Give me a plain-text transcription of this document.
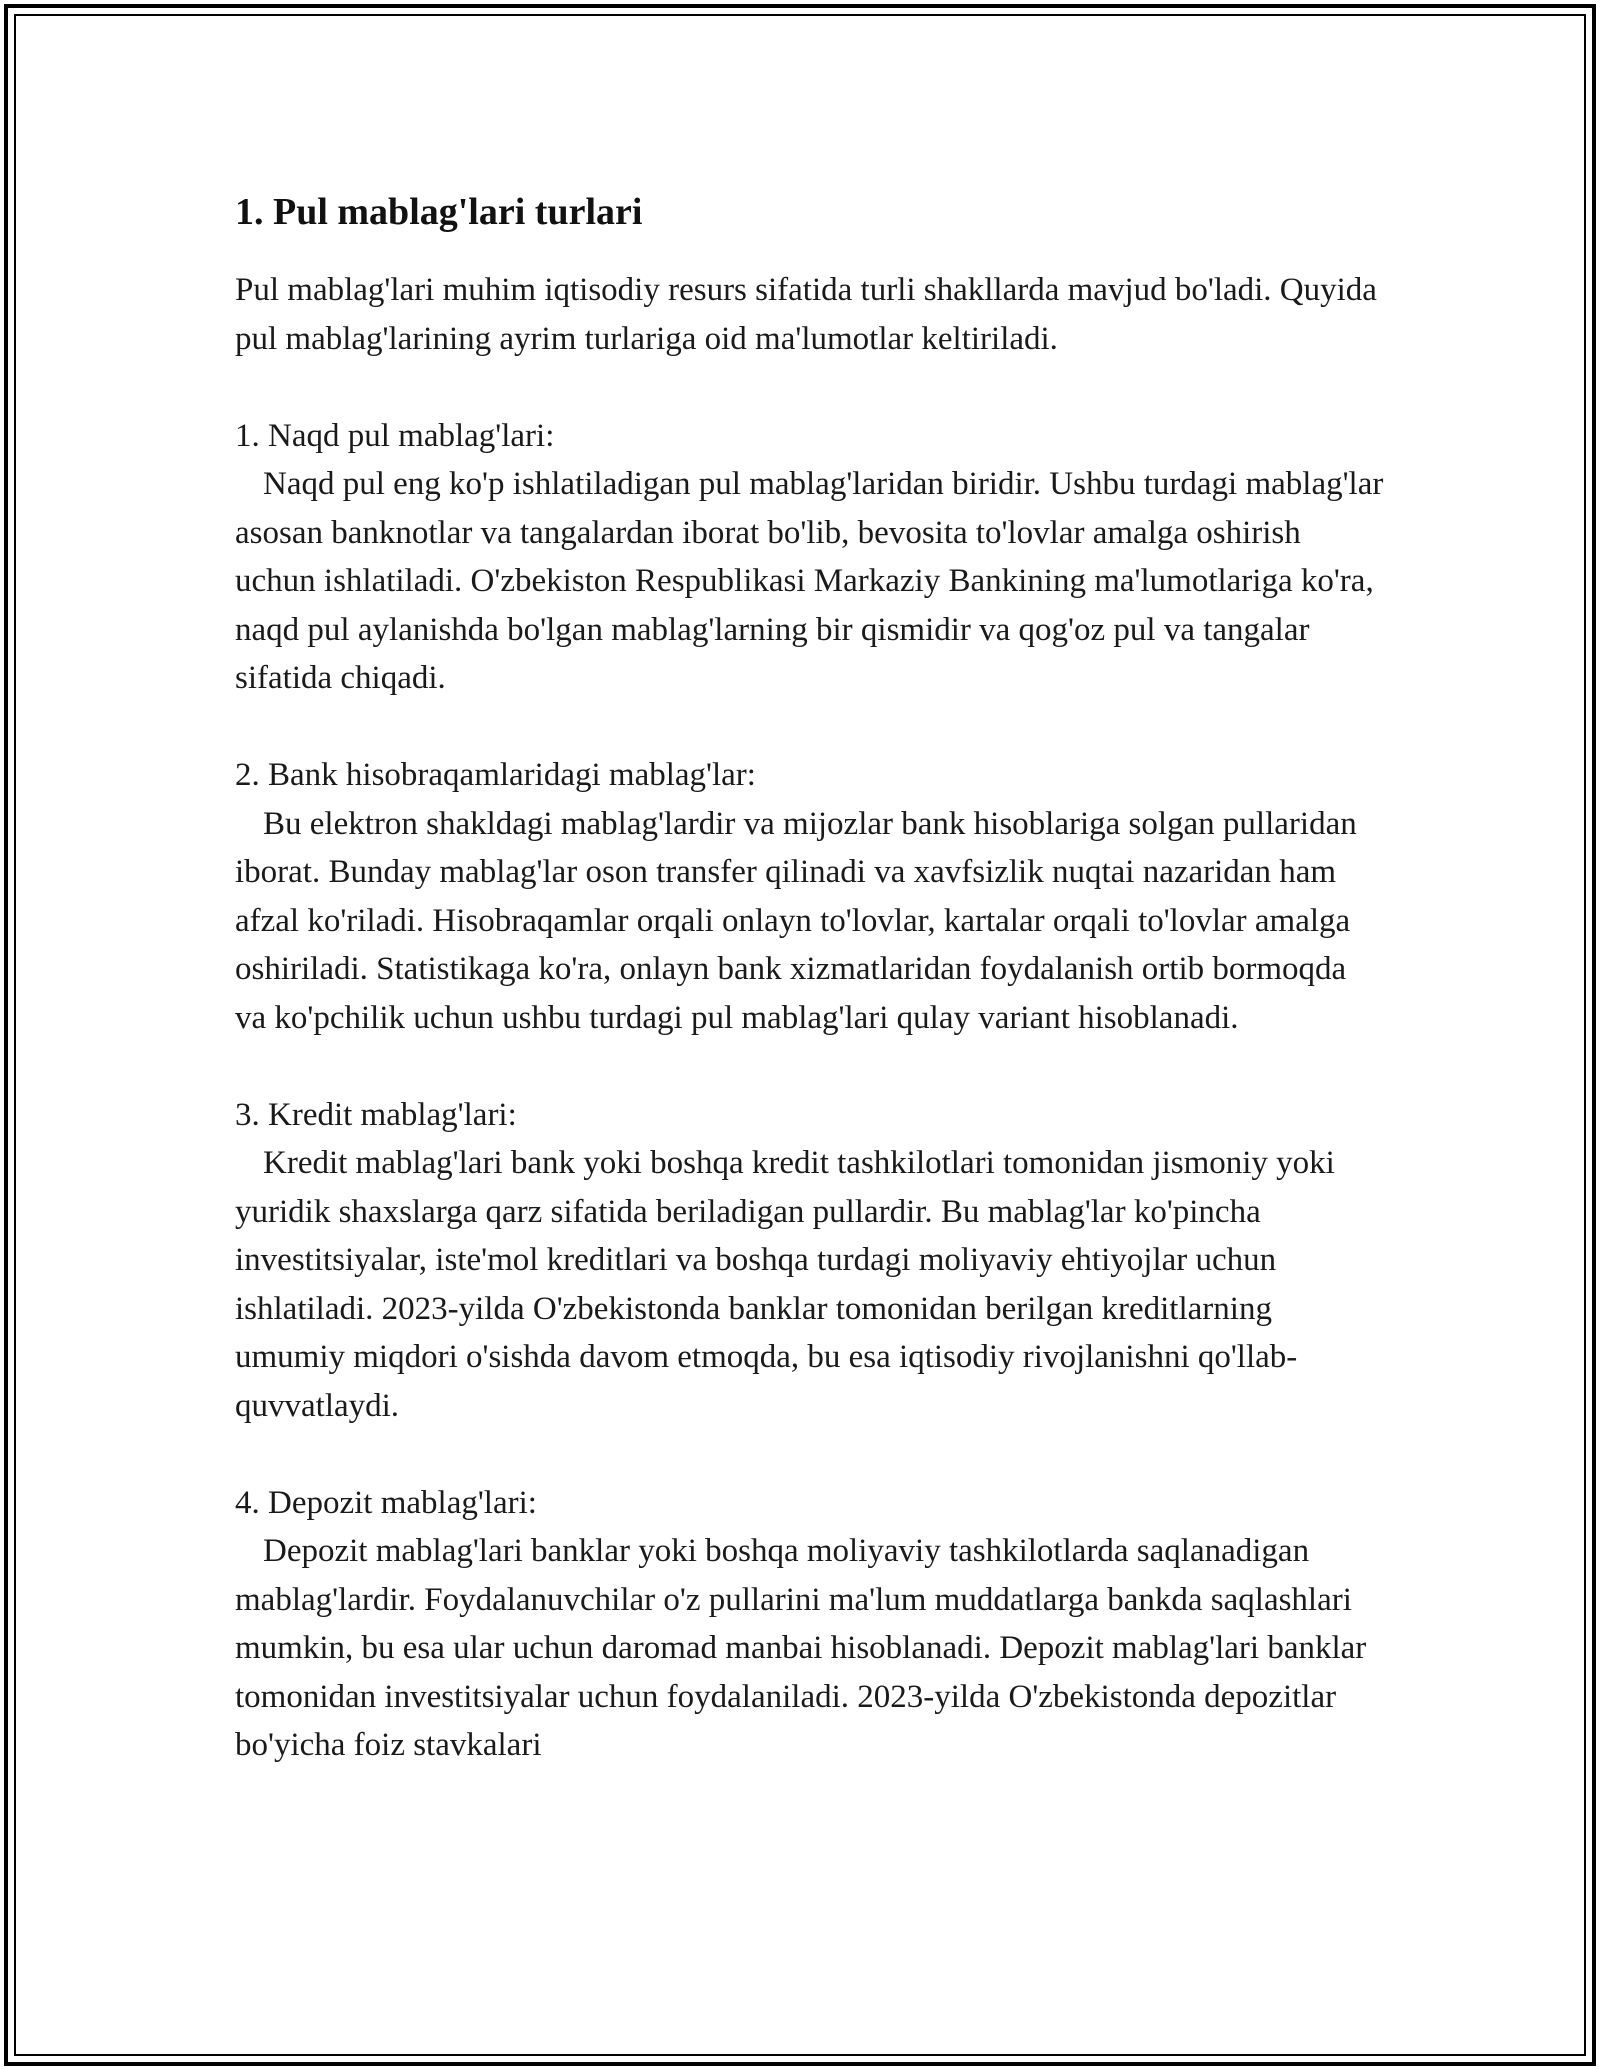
1. Pul mablag'lari turlari

Pul mablag'lari muhim iqtisodiy resurs sifatida turli shakllarda mavjud bo'ladi. Quyida pul mablag'larining ayrim turlariga oid ma'lumotlar keltiriladi.

1. Naqd pul mablag'lari:

Naqd pul eng ko'p ishlatiladigan pul mablag'laridan biridir. Ushbu turdagi mablag'lar asosan banknotlar va tangalardan iborat bo'lib, bevosita to'lovlar amalga oshirish uchun ishlatiladi. O'zbekiston Respublikasi Markaziy Bankining ma'lumotlariga ko'ra, naqd pul aylanishda bo'lgan mablag'larning bir qismidir va qog'oz pul va tangalar sifatida chiqadi.

2. Bank hisobraqamlaridagi mablag'lar:

Bu elektron shakldagi mablag'lardir va mijozlar bank hisoblariga solgan pullaridan iborat. Bunday mablag'lar oson transfer qilinadi va xavfsizlik nuqtai nazaridan ham afzal ko'riladi. Hisobraqamlar orqali onlayn to'lovlar, kartalar orqali to'lovlar amalga oshiriladi. Statistikaga ko'ra, onlayn bank xizmatlaridan foydalanish ortib bormoqda va ko'pchilik uchun ushbu turdagi pul mablag'lari qulay variant hisoblanadi.

3. Kredit mablag'lari:

Kredit mablag'lari bank yoki boshqa kredit tashkilotlari tomonidan jismoniy yoki yuridik shaxslarga qarz sifatida beriladigan pullardir. Bu mablag'lar ko'pincha investitsiyalar, iste'mol kreditlari va boshqa turdagi moliyaviy ehtiyojlar uchun ishlatiladi. 2023-yilda O'zbekistonda banklar tomonidan berilgan kreditlarning umumiy miqdori o'sishda davom etmoqda, bu esa iqtisodiy rivojlanishni qo'llab-quvvatlaydi.

4. Depozit mablag'lari:

Depozit mablag'lari banklar yoki boshqa moliyaviy tashkilotlarda saqlanadigan mablag'lardir. Foydalanuvchilar o'z pullarini ma'lum muddatlarga bankda saqlashlari mumkin, bu esa ular uchun daromad manbai hisoblanadi. Depozit mablag'lari banklar tomonidan investitsiyalar uchun foydalaniladi. 2023-yilda O'zbekistonda depozitlar bo'yicha foiz stavkalari
